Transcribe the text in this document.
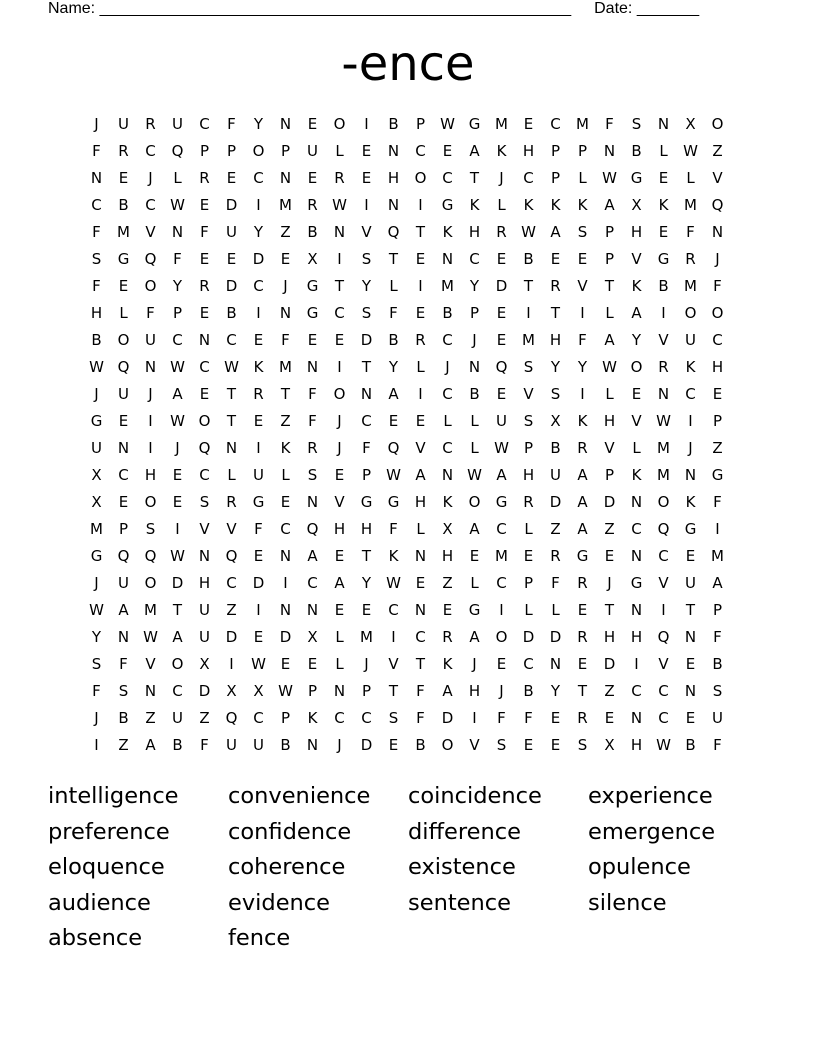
Name: _____________________________________________________ Date: _______
-ence
J	U	R	U	C	F	Y	N	E	O	I	B	P	W G M	E	C	M	F	S	N	X	O
F	R	C	Q	P	P	O	P	U	L	E	N	C	E	A	K	H	P	P	N	B	L	W Z
N	E	J	L	R	E	C	N	E	R	E	H	O	C	T	J	C	P	L	W G	E	L	V
C	B	C W E	D	I	M	R W	I	N	I	G	K	L	K	K	K	A	X	K	M Q
F	M	V	N	F	U	Y	Z	B	N	V	Q	T	K	H	R W A	S	P	H	E	F	N
S	G	Q	F	E	E	D	E	X	I	S	T	E	N	C	E	B	E	E	P	V	G	R	J
F	E	O	Y	R	D	C	J	G	T	Y	L	I	M	Y	D	T	R	V	T	K	B	M	F
H	L	F	P	E	B	I	N	G	C	S	F	E	B	P	E	I	T	I	L	A	I	O	O
B	O	U	C	N	C	E	F	E	E	D	B	R	C	J	E	M H	F	A	Y	V	U	C
W Q	N W C W K	M N	I	T	Y	L	J	N	Q	S	Y	Y	W O	R	K	H
J	U	J	A	E	T	R	T	F	O	N	A	I	C	B	E	V	S	I	L	E	N	C	E
G	E	I	W O	T	E	Z	F	J	C	E	E	L	L	U	S	X	K	H	V W	I	P
U	N	I	J	Q	N	I	K	R	J	F	Q	V	C	L	W	P	B	R	V	L	M	J	Z
X	C	H	E	C	L	U	L	S	E	P	W A	N W A	H	U	A	P	K	M N	G
X	E	O	E	S	R	G	E	N	V	G	G	H	K	O	G	R	D	A	D	N	O	K	F
M	P	S	I	V	V	F	C	Q	H	H	F	L	X	A	C	L	Z	A	Z	C	Q	G	I
G	Q	Q W N	Q	E	N	A	E	T	K	N	H	E	M	E	R	G	E	N	C	E	M
J	U	O	D	H	C	D	I	C	A	Y	W E	Z	L	C	P	F	R	J	G	V	U	A
W A	M	T	U	Z	I	N	N	E	E	C	N	E	G	I	L	L	E	T	N	I	T	P
Y	N W A	U	D	E	D	X	L	M	I	C	R	A	O	D	D	R	H	H	Q	N	F
S	F	V	O	X	I	W E	E	L	J	V	T	K	J	E	C	N	E	D	I	V	E	B
F	S	N	C	D	X	X W	P	N	P	T	F	A	H	J	B	Y	T	Z	C	C	N	S
J	B	Z	U	Z	Q	C	P	K	C	C	S	F	D	I	F	F	E	R	E	N	C	E	U
I	Z	A	B	F	U	U	B	N	J	D	E	B	O	V	S	E	E	S	X	H W B	F
intelligence	convenience	coincidence	experience
preference	confidence	difference	emergence
eloquence	coherence	existence	opulence
audience	evidence	sentence	silence
absence	fence
